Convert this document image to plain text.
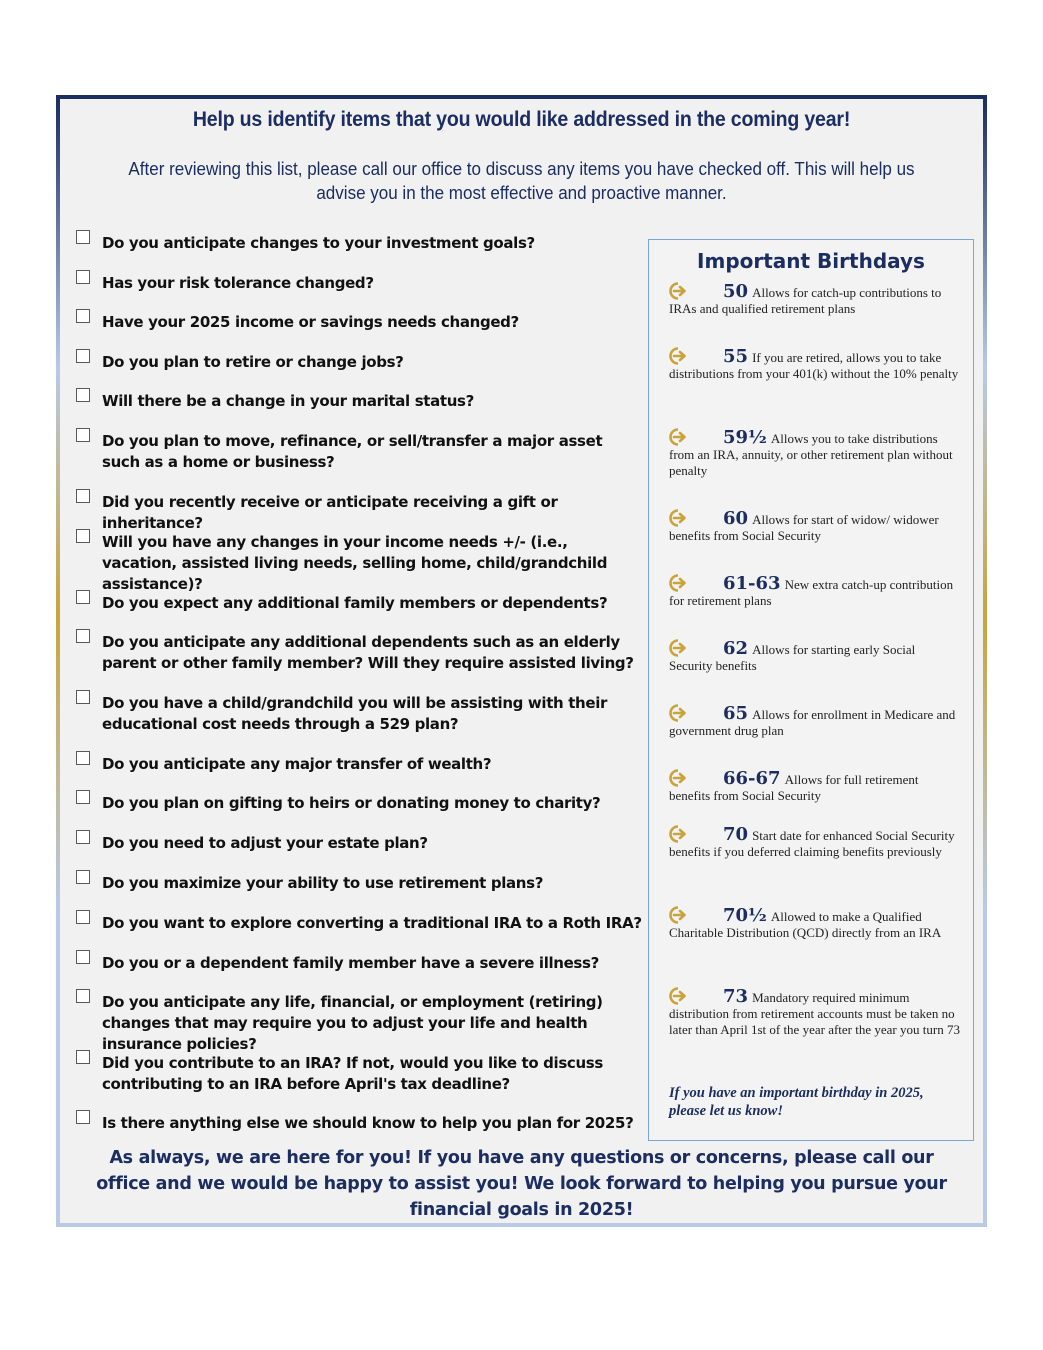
Help us identify items that you would like addressed in the coming year!
After reviewing this list, please call our office to discuss any items you have checked off. This will help us advise you in the most effective and proactive manner.
Do you anticipate changes to your investment goals?
Has your risk tolerance changed?
Have your 2025 income or savings needs changed?
Do you plan to retire or change jobs?
Will there be a change in your marital status?
Do you plan to move, refinance, or sell/transfer a major asset such as a home or business?
Did you recently receive or anticipate receiving a gift or inheritance?
Will you have any changes in your income needs +/- (i.e., vacation, assisted living needs, selling home, child/grandchild assistance)?
Do you expect any additional family members or dependents?
Do you anticipate any additional dependents such as an elderly parent or other family member? Will they require assisted living?
Do you have a child/grandchild you will be assisting with their educational cost needs through a 529 plan?
Do you anticipate any major transfer of wealth?
Do you plan on gifting to heirs or donating money to charity?
Do you need to adjust your estate plan?
Do you maximize your ability to use retirement plans?
Do you want to explore converting a traditional IRA to a Roth IRA?
Do you or a dependent family member have a severe illness?
Do you anticipate any life, financial, or employment (retiring) changes that may require you to adjust your life and health insurance policies?
Did you contribute to an IRA? If not, would you like to discuss contributing to an IRA before April's tax deadline?
Is there anything else we should know to help you plan for 2025?
Important Birthdays
50 Allows for catch-up contributions to IRAs and qualified retirement plans
55 If you are retired, allows you to take distributions from your 401(k) without the 10% penalty
59½ Allows you to take distributions from an IRA, annuity, or other retirement plan without penalty
60 Allows for start of widow/ widower benefits from Social Security
61-63 New extra catch-up contribution for retirement plans
62 Allows for starting early Social Security benefits
65 Allows for enrollment in Medicare and government drug plan
66-67 Allows for full retirement benefits from Social Security
70 Start date for enhanced Social Security benefits if you deferred claiming benefits previously
70½ Allowed to make a Qualified Charitable Distribution (QCD) directly from an IRA
73 Mandatory required minimum distribution from retirement accounts must be taken no later than April 1st of the year after the year you turn 73
If you have an important birthday in 2025, please let us know!
As always, we are here for you! If you have any questions or concerns, please call our office and we would be happy to assist you! We look forward to helping you pursue your financial goals in 2025!
